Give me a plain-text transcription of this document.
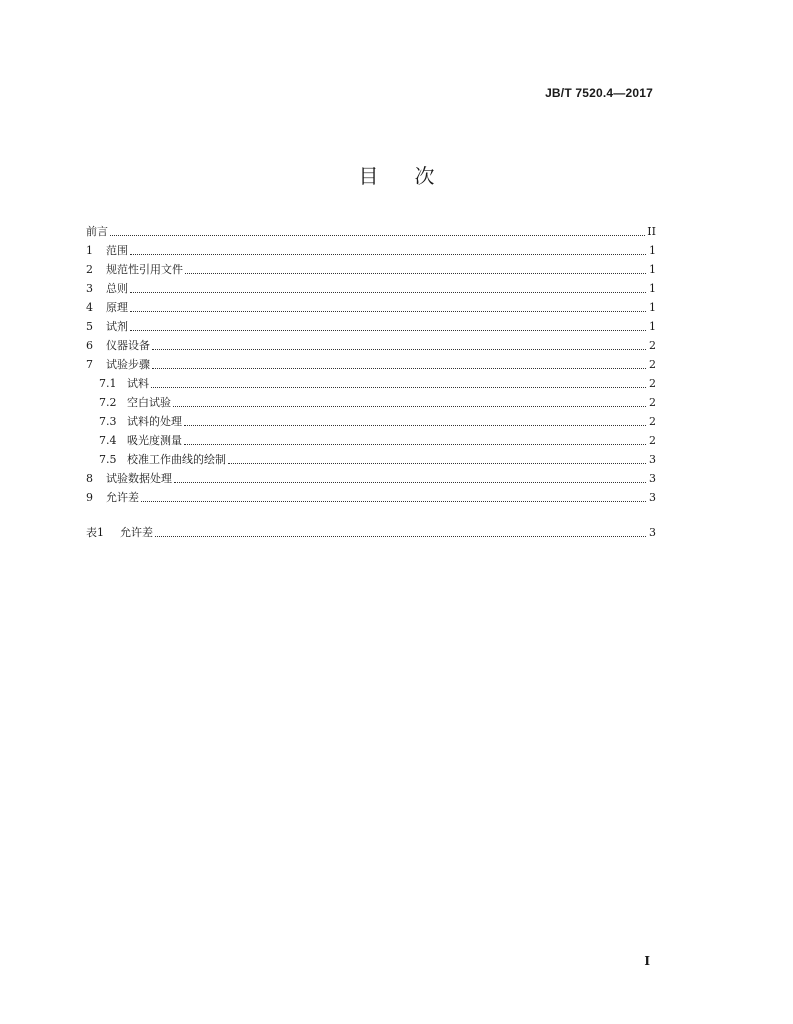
JB/T 7520.4—2017
目 次
前言	II
1	范围	1
2	规范性引用文件	1
3	总则	1
4	原理	1
5	试剂	1
6	仪器设备	2
7	试验步骤	2
7.1 试料	2
7.2 空白试验	2
7.3 试料的处理	2
7.4 吸光度测量	2
7.5 校准工作曲线的绘制	3
8	试验数据处理	3
9	允许差	3
表1	允许差	3
I
